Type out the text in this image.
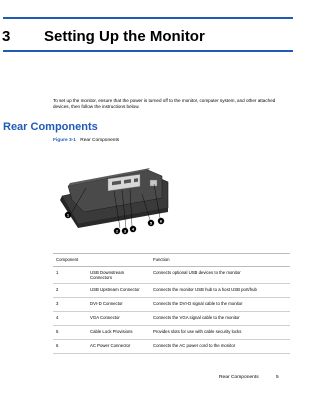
3 Setting Up the Monitor

To set up the monitor, ensure that the power is turned off to the monitor, computer system, and other attached devices, then follow the instructions below.

Rear Components
Figure 3-1 Rear Components
1
2 3 4
5 6
Component		Function
1	USB Downstream Connectors	Connects optional USB devices to the monitor
2	USB Upstream Connector	Connects the monitor USB hub to a host USB port/hub
3	DVI-D Connector	Connects the DVI-D signal cable to the monitor
4	VGA Connector	Connects the VGA signal cable to the monitor
5	Cable Lock Provisions	Provides slots for use with cable security locks
6	AC Power Connector	Connects the AC power cord to the monitor
Rear Components	5
